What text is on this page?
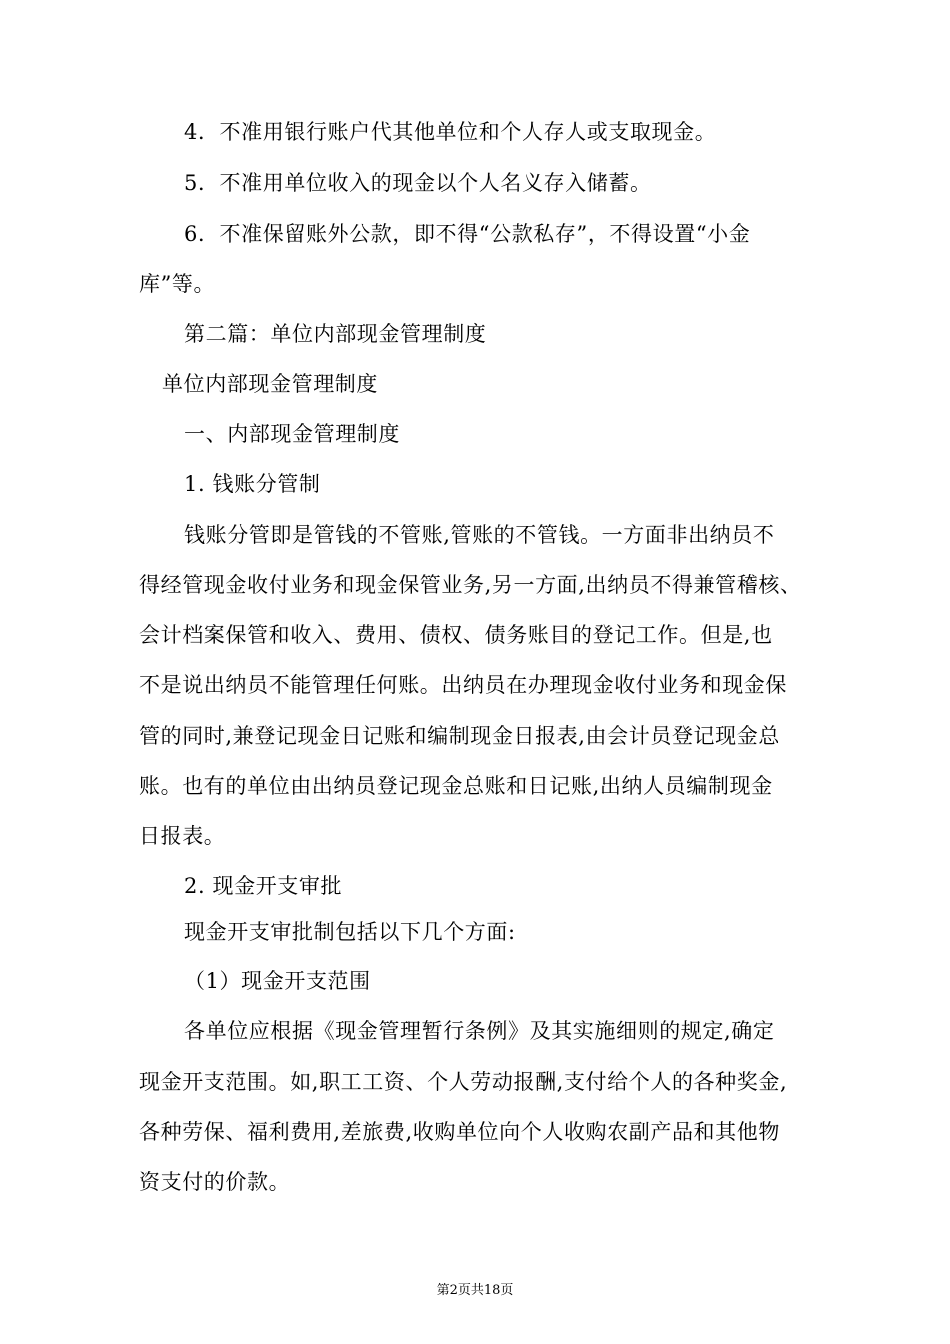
4．不准用银行账户代其他单位和个人存人或支取现金。
5．不准用单位收入的现金以个人名义存入储蓄。
6．不准保留账外公款，即不得“公款私存”，不得设置“小金
库”等。
第二篇：单位内部现金管理制度
单位内部现金管理制度
一、内部现金管理制度
1. 钱账分管制
钱账分管即是管钱的不管账,管账的不管钱。一方面非出纳员不
得经管现金收付业务和现金保管业务,另一方面,出纳员不得兼管稽核、
会计档案保管和收入、费用、债权、债务账目的登记工作。但是,也
不是说出纳员不能管理任何账。出纳员在办理现金收付业务和现金保
管的同时,兼登记现金日记账和编制现金日报表,由会计员登记现金总
账。也有的单位由出纳员登记现金总账和日记账,出纳人员编制现金
日报表。
2. 现金开支审批
现金开支审批制包括以下几个方面:
（1）现金开支范围
各单位应根据《现金管理暂行条例》及其实施细则的规定,确定
现金开支范围。如,职工工资、个人劳动报酬,支付给个人的各种奖金,
各种劳保、福利费用,差旅费,收购单位向个人收购农副产品和其他物
资支付的价款。
第2页共18页
